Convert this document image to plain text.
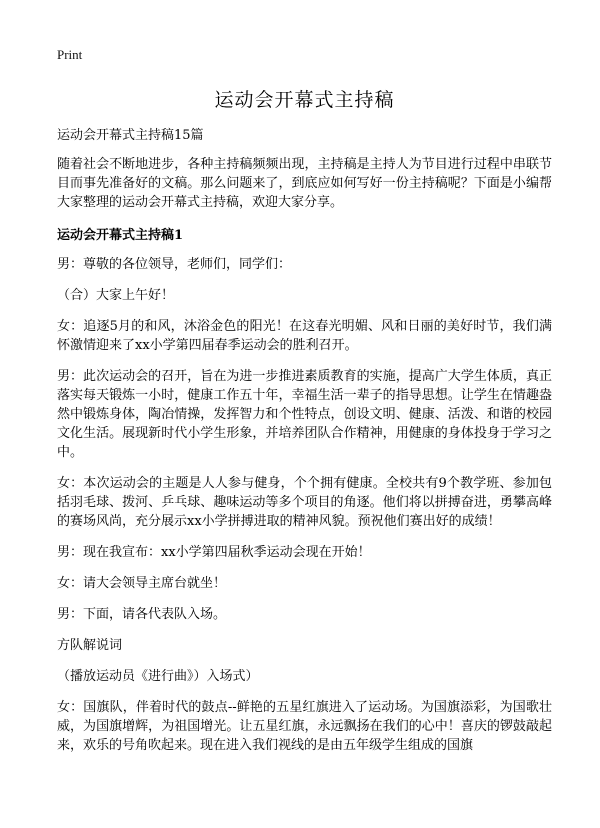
Print
运动会开幕式主持稿

运动会开幕式主持稿15篇

随着社会不断地进步，各种主持稿频频出现，主持稿是主持人为节目进行过程中串联节目而事先准备好的文稿。那么问题来了，到底应如何写好一份主持稿呢？下面是小编帮大家整理的运动会开幕式主持稿，欢迎大家分享。

运动会开幕式主持稿1

男：尊敬的各位领导，老师们，同学们：

（合）大家上午好！

女：追逐5月的和风，沐浴金色的阳光！在这春光明媚、风和日丽的美好时节，我们满怀激情迎来了xx小学第四届春季运动会的胜利召开。

男：此次运动会的召开，旨在为进一步推进素质教育的实施，提高广大学生体质，真正落实每天锻炼一小时，健康工作五十年，幸福生活一辈子的指导思想。让学生在情趣盎然中锻炼身体，陶冶情操，发挥智力和个性特点，创设文明、健康、活泼、和谐的校园文化生活。展现新时代小学生形象，并培养团队合作精神，用健康的身体投身于学习之中。

女：本次运动会的主题是人人参与健身，个个拥有健康。全校共有9个教学班、参加包括羽毛球、拨河、乒乓球、趣味运动等多个项目的角逐。他们将以拼搏奋进，勇攀高峰的赛场风尚，充分展示xx小学拼搏进取的精神风貌。预祝他们赛出好的成绩！

男：现在我宣布：xx小学第四届秋季运动会现在开始！

女：请大会领导主席台就坐！

男：下面，请各代表队入场。

方队解说词

（播放运动员《进行曲》）入场式）

女：国旗队，伴着时代的鼓点--鲜艳的五星红旗进入了运动场。为国旗添彩，为国歌壮威，为国旗增辉，为祖国增光。让五星红旗，永远飘扬在我们的心中！喜庆的锣鼓敲起来，欢乐的号角吹起来。现在进入我们视线的是由五年级学生组成的国旗
